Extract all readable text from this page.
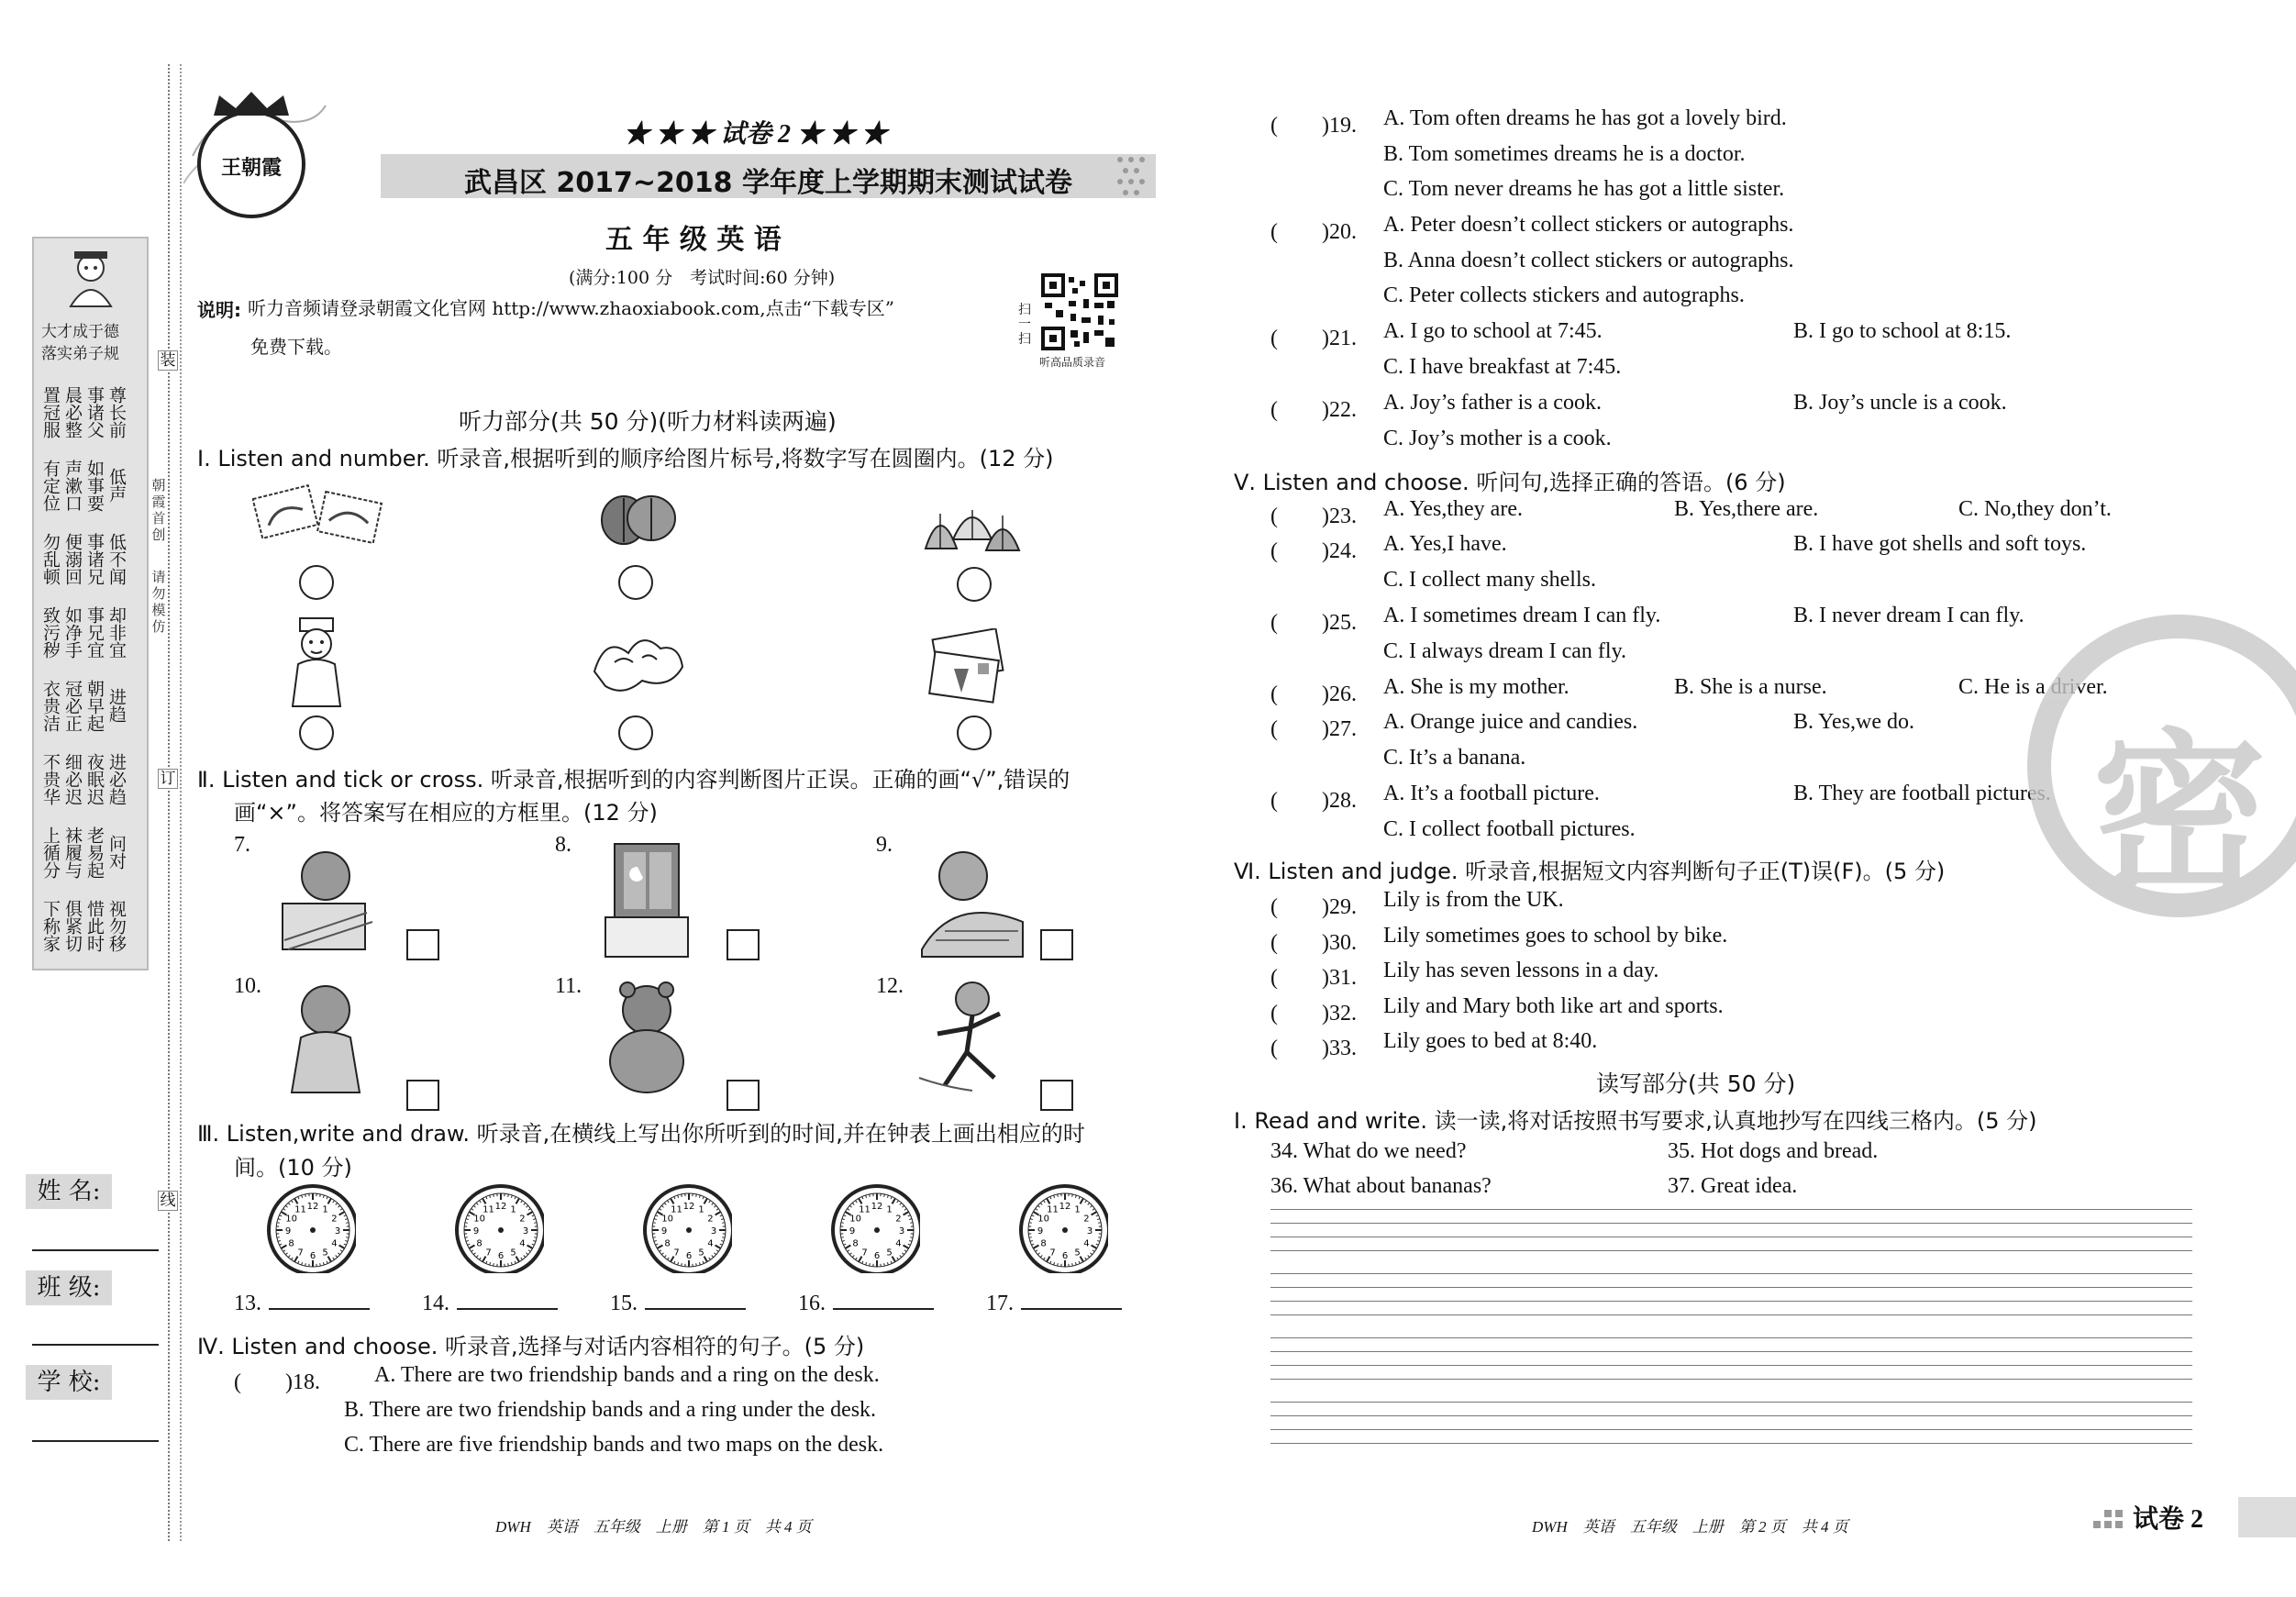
大才成于德
落实弟子规
置冠服 晨必整 事诸父 尊长前
有定位 声漱口 如事要 低声
勿乱顿 便溺回 事诸兄 低不闻
致污秽 如净手 事兄宜 却非宜
衣贵洁 冠必正 朝早起 进趋
不贵华 细必迟 夜眠迟 进必趋
上循分 袜履与 老易起 问对
下称家 俱紧切 惜此时 视勿移
装
订
线
朝霞首创
请勿模仿
姓 名:
班 级:
学 校:
王朝霞
★ ★ ★ 试卷 2 ★ ★ ★
武昌区 2017~2018 学年度上学期期末测试试卷
五 年 级 英 语
(满分:100 分　考试时间:60 分钟)
说明: 听力音频请登录朝霞文化官网 http://www.zhaoxiabook.com,点击“下载专区”
免费下载。
扫一扫
听高品质录音
听力部分(共 50 分)(听力材料读两遍)
Ⅰ. Listen and number. 听录音,根据听到的顺序给图片标号,将数字写在圆圈内。(12 分)
Ⅱ. Listen and tick or cross. 听录音,根据听到的内容判断图片正误。正确的画“√”,错误的
画“×”。将答案写在相应的方框里。(12 分)
7.	8.	9.
10.	11.	12.
Ⅲ. Listen,write and draw. 听录音,在横线上写出你所听到的时间,并在钟表上画出相应的时
间。(10 分)
1
2
3
4
5
6
7
8
9
10
11 12	1
2
3
4
5
6
7
8
9
10
11 12	1
2
3
4
5
6
7
8
9
10
11 12	1
2
3
4
5
6
7
8
9
10
11 12	1
2
3
4
5
6
7
8
9
10
11 12
13.	14.	15.	16.	17.
Ⅳ. Listen and choose. 听录音,选择与对话内容相符的句子。(5 分)
(　　)18. A. There are two friendship bands and a ring on the desk.
B. There are two friendship bands and a ring under the desk.
C. There are five friendship bands and two maps on the desk.
DWH　英语　五年级　上册　第 1 页　共 4 页
(　　)19. A. Tom often dreams he has got a lovely bird.
B. Tom sometimes dreams he is a doctor.
C. Tom never dreams he has got a little sister.
(　　)20. A. Peter doesn’t collect stickers or autographs.
B. Anna doesn’t collect stickers or autographs.
C. Peter collects stickers and autographs.
(　　)21. A. I go to school at 7:45.	B. I go to school at 8:15.
C. I have breakfast at 7:45.
(　　)22. A. Joy’s father is a cook.	B. Joy’s uncle is a cook.
C. Joy’s mother is a cook.
(　　)23. A. Yes,they are.	B. Yes,there are.	C. No,they don’t.
(　　)24. A. Yes,I have.	B. I have got shells and soft toys.
C. I collect many shells.
(　　)25. A. I sometimes dream I can fly.	B. I never dream I can fly.
C. I always dream I can fly.
(　　)26. A. She is my mother.	B. She is a nurse.	C. He is a driver.
(　　)27. A. Orange juice and candies.	B. Yes,we do.
C. It’s a banana.
(　　)28. A. It’s a football picture.	B. They are football pictures.
C. I collect football pictures.
Ⅴ. Listen and choose. 听问句,选择正确的答语。(6 分)
Ⅵ. Listen and judge. 听录音,根据短文内容判断句子正(T)误(F)。(5 分)
(　　)29. Lily is from the UK.
(　　)30. Lily sometimes goes to school by bike.
(　　)31. Lily has seven lessons in a day.
(　　)32. Lily and Mary both like art and sports.
(　　)33. Lily goes to bed at 8:40.
读写部分(共 50 分)
Ⅰ. Read and write. 读一读,将对话按照书写要求,认真地抄写在四线三格内。(5 分)
34. What do we need?	35. Hot dogs and bread.
36. What about bananas?	37. Great idea.
密
DWH　英语　五年级　上册　第 2 页　共 4 页	试卷 2
